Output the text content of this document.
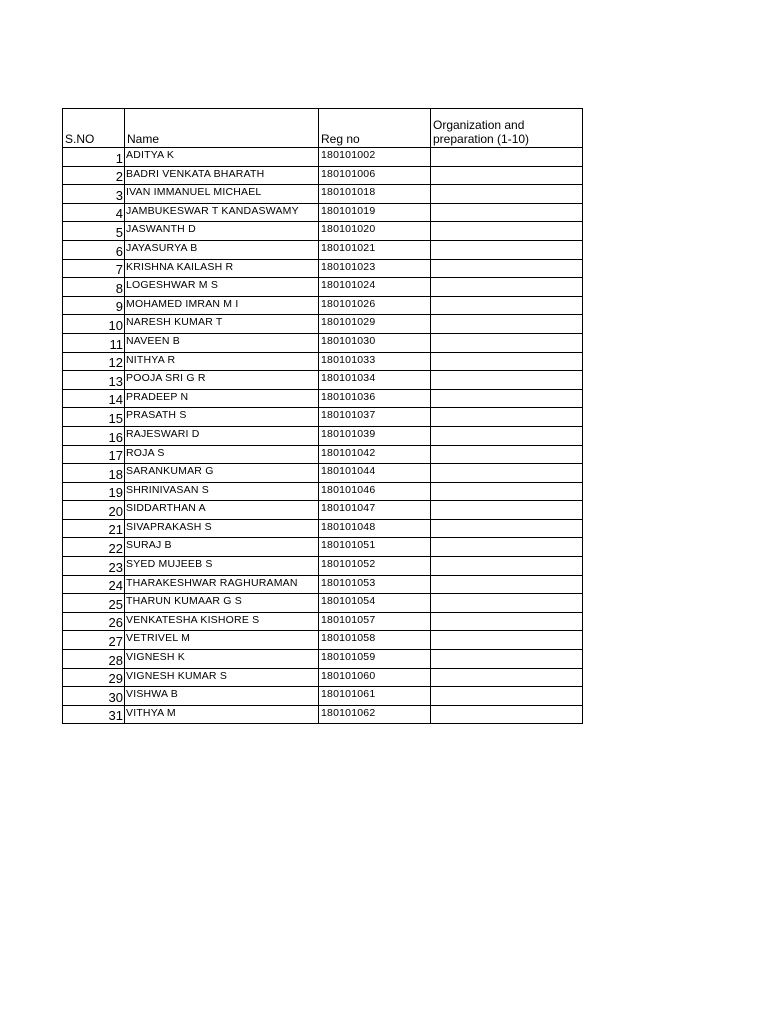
S.NO	Name	Reg no	Organization and preparation (1-10)
1	ADITYA K	180101002	
2	BADRI VENKATA BHARATH	180101006	
3	IVAN IMMANUEL MICHAEL	180101018	
4	JAMBUKESWAR T KANDASWAMY	180101019	
5	JASWANTH D	180101020	
6	JAYASURYA B	180101021	
7	KRISHNA KAILASH R	180101023	
8	LOGESHWAR M S	180101024	
9	MOHAMED IMRAN M I	180101026	
10	NARESH KUMAR T	180101029	
11	NAVEEN B	180101030	
12	NITHYA R	180101033	
13	POOJA SRI G R	180101034	
14	PRADEEP N	180101036	
15	PRASATH S	180101037	
16	RAJESWARI D	180101039	
17	ROJA S	180101042	
18	SARANKUMAR G	180101044	
19	SHRINIVASAN S	180101046	
20	SIDDARTHAN A	180101047	
21	SIVAPRAKASH S	180101048	
22	SURAJ B	180101051	
23	SYED MUJEEB S	180101052	
24	THARAKESHWAR RAGHURAMAN	180101053	
25	THARUN KUMAAR G S	180101054	
26	VENKATESHA KISHORE S	180101057	
27	VETRIVEL M	180101058	
28	VIGNESH K	180101059	
29	VIGNESH KUMAR S	180101060	
30	VISHWA B	180101061	
31	VITHYA M	180101062	
